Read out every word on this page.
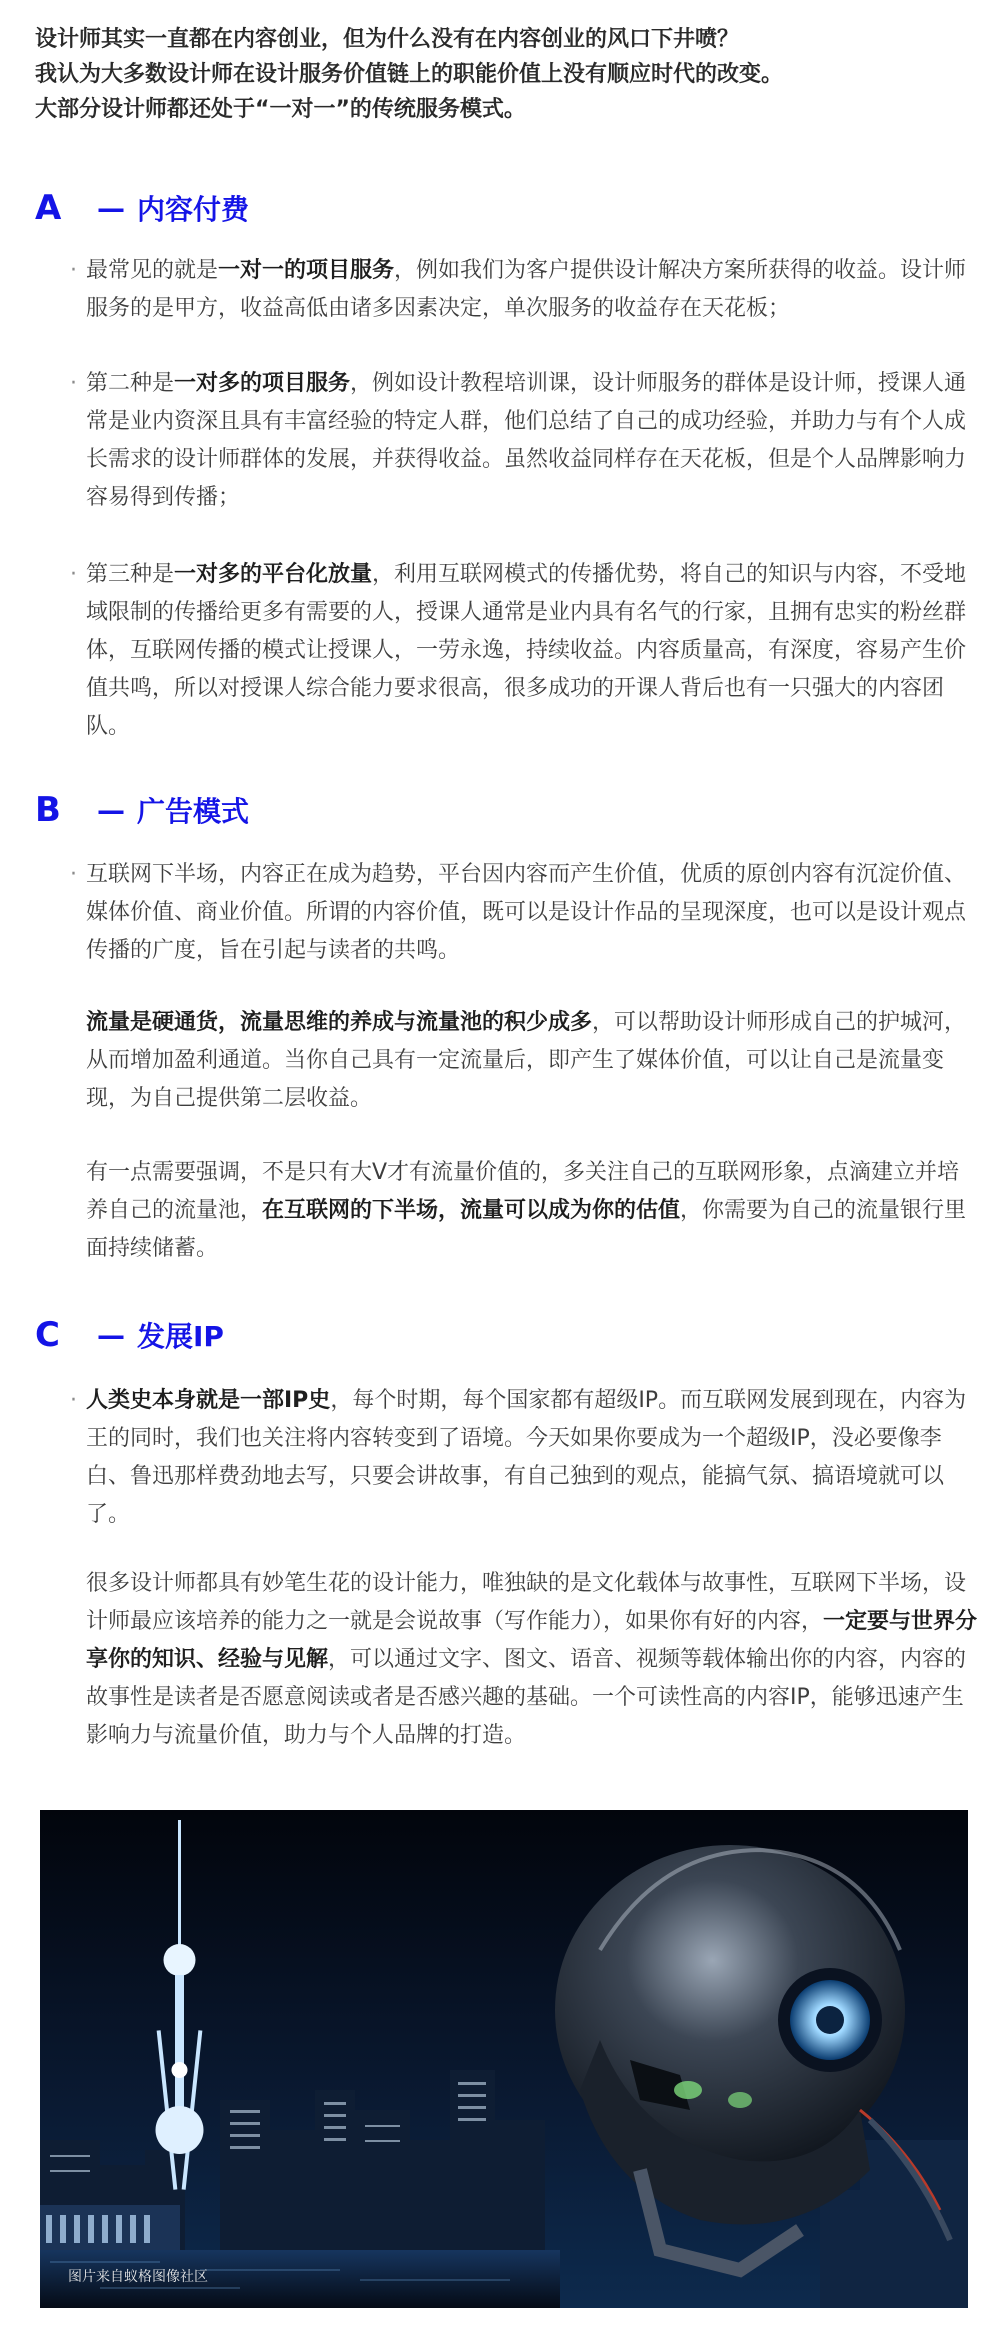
设计师其实一直都在内容创业，但为什么没有在内容创业的风口下井喷？

我认为大多数设计师在设计服务价值链上的职能价值上没有顺应时代的改变。

大部分设计师都还处于“一对一”的传统服务模式。

A	— 内容付费
· 最常见的就是一对一的项目服务，例如我们为客户提供设计解决方案所获得的收益。设计师服务的是甲方，收益高低由诸多因素决定，单次服务的收益存在天花板；

· 第二种是一对多的项目服务，例如设计教程培训课，设计师服务的群体是设计师，授课人通常是业内资深且具有丰富经验的特定人群，他们总结了自己的成功经验，并助力与有个人成长需求的设计师群体的发展，并获得收益。虽然收益同样存在天花板，但是个人品牌影响力容易得到传播；

· 第三种是一对多的平台化放量，利用互联网模式的传播优势，将自己的知识与内容，不受地域限制的传播给更多有需要的人，授课人通常是业内具有名气的行家，且拥有忠实的粉丝群体，互联网传播的模式让授课人，一劳永逸，持续收益。内容质量高，有深度，容易产生价值共鸣，所以对授课人综合能力要求很高，很多成功的开课人背后也有一只强大的内容团队。

B	— 广告模式
· 互联网下半场，内容正在成为趋势，平台因内容而产生价值，优质的原创内容有沉淀价值、媒体价值、商业价值。所谓的内容价值，既可以是设计作品的呈现深度，也可以是设计观点传播的广度，旨在引起与读者的共鸣。

流量是硬通货，流量思维的养成与流量池的积少成多，可以帮助设计师形成自己的护城河，从而增加盈利通道。当你自己具有一定流量后，即产生了媒体价值，可以让自己是流量变现，为自己提供第二层收益。

有一点需要强调，不是只有大V才有流量价值的，多关注自己的互联网形象，点滴建立并培养自己的流量池，在互联网的下半场，流量可以成为你的估值，你需要为自己的流量银行里面持续储蓄。

C	— 发展IP
· 人类史本身就是一部IP史，每个时期，每个国家都有超级IP。而互联网发展到现在，内容为王的同时，我们也关注将内容转变到了语境。今天如果你要成为一个超级IP，没必要像李白、鲁迅那样费劲地去写，只要会讲故事，有自己独到的观点，能搞气氛、搞语境就可以了。

很多设计师都具有妙笔生花的设计能力，唯独缺的是文化载体与故事性，互联网下半场，设计师最应该培养的能力之一就是会说故事（写作能力），如果你有好的内容，一定要与世界分享你的知识、经验与见解，可以通过文字、图文、语音、视频等载体输出你的内容，内容的故事性是读者是否愿意阅读或者是否感兴趣的基础。一个可读性高的内容IP，能够迅速产生影响力与流量价值，助力与个人品牌的打造。

图片来自蚁格图像社区
